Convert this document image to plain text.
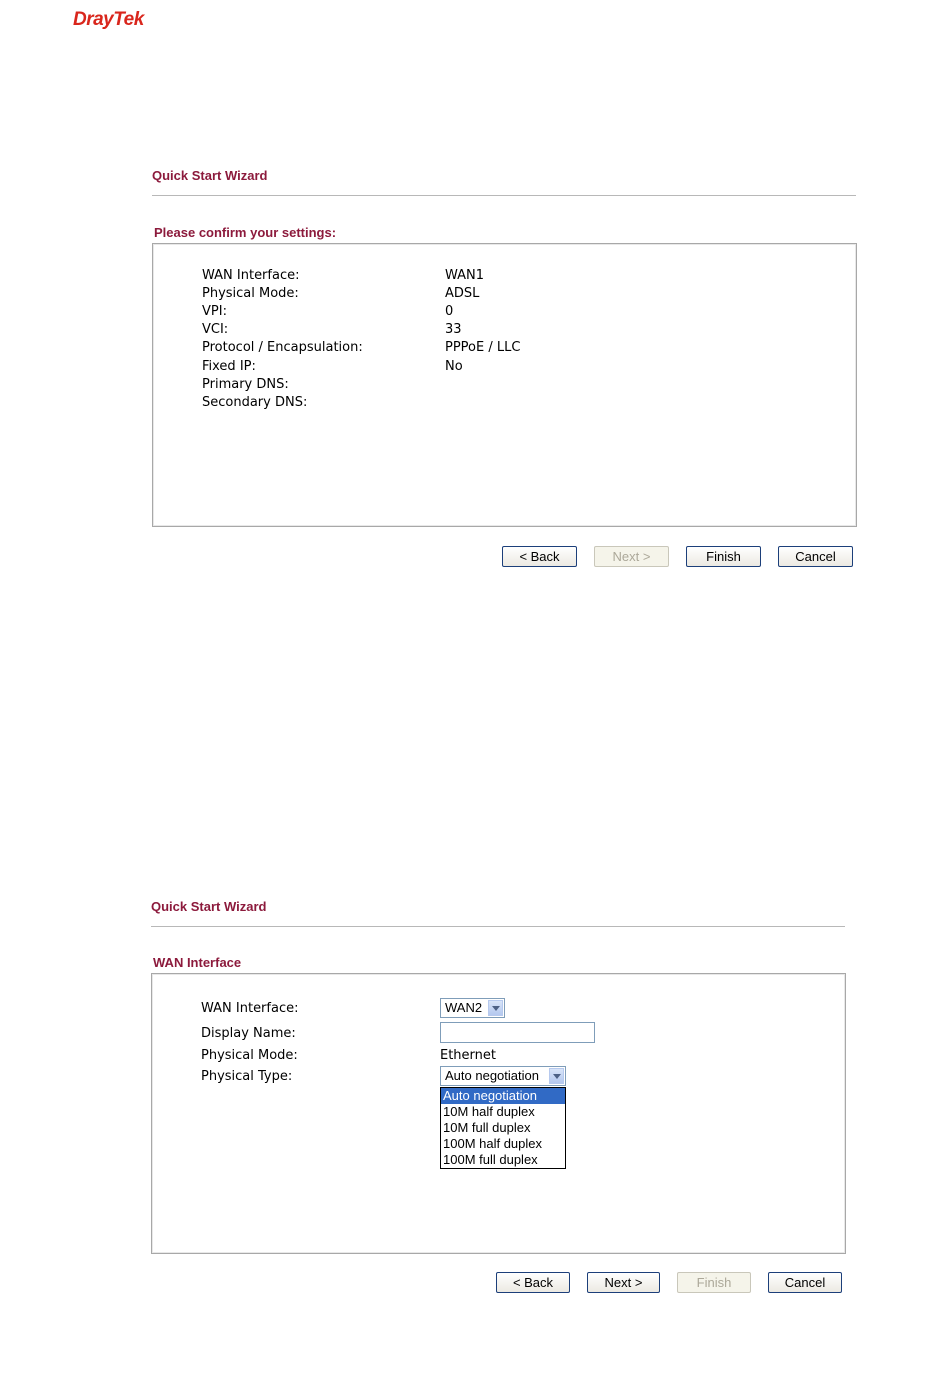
DrayTek
Quick Start Wizard
Please confirm your settings:
WAN Interface:	WAN1
Physical Mode:	ADSL
VPI:	0
VCI:	33
Protocol / Encapsulation:	PPPoE / LLC
Fixed IP:	No
Primary DNS:
Secondary DNS:
< Back	Next >	Finish	Cancel
Quick Start Wizard
WAN Interface
WAN Interface:	WAN2
Display Name:
Physical Mode:	Ethernet
Physical Type:	Auto negotiation
Auto negotiation
10M half duplex
10M full duplex
100M half duplex
100M full duplex
< Back	Next >	Finish	Cancel
